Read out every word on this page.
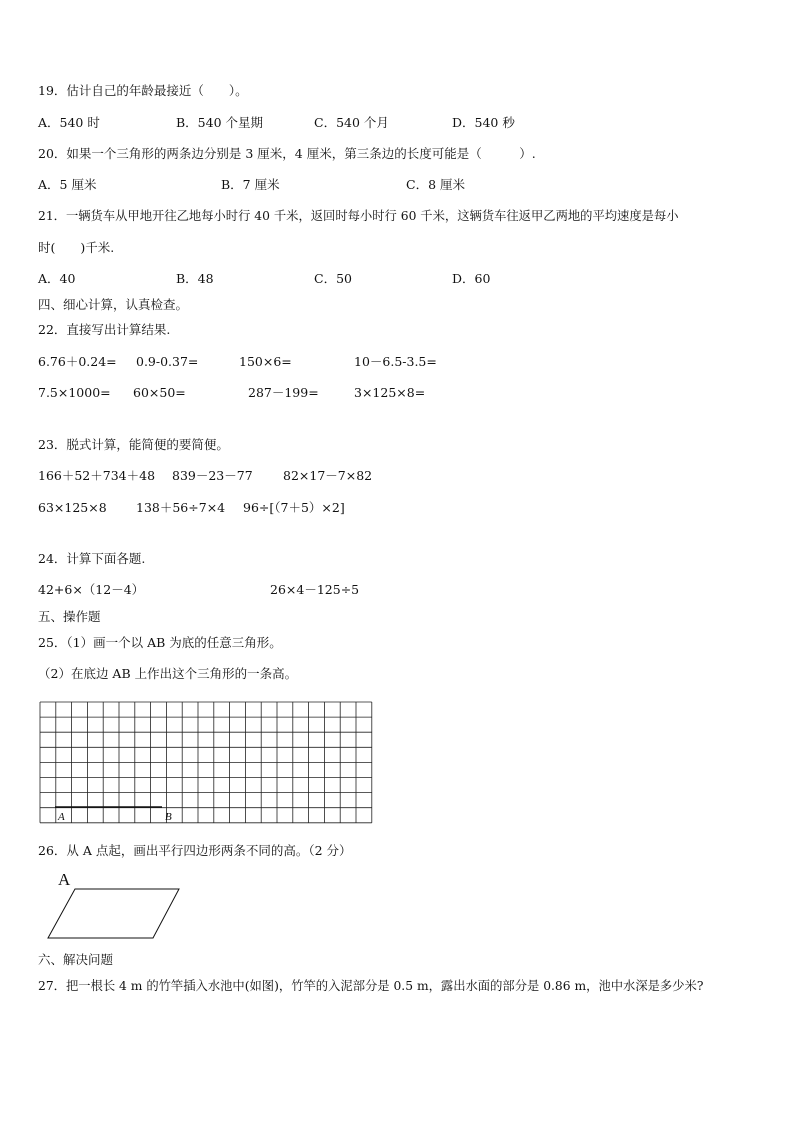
19．估计自己的年龄最接近（　　）。
A．540 时	B．540 个星期	C．540 个月	D．540 秒
20．如果一个三角形的两条边分别是 3 厘米，4 厘米，第三条边的长度可能是（　　　）.
A．5 厘米	B．7 厘米	C．8 厘米
21．一辆货车从甲地开往乙地每小时行 40 千米，返回时每小时行 60 千米，这辆货车往返甲乙两地的平均速度是每小
时(　　)千米.
A．40	B．48	C．50	D．60
四、细心计算，认真检查。
22．直接写出计算结果.
6.76＋0.24= 0.9-0.37=	150×6=	10－6.5-3.5=
7.5×1000= 60×50=	287－199=	3×125×8=
23．脱式计算，能简便的要简便。
166＋52＋734＋48 839－23－77 82×17－7×82
63×125×8 138＋56÷7×4 96÷[（7＋5）×2]
24．计算下面各题.
42+6×（12－4）	26×4－125÷5
五、操作题
25．（1）画一个以 AB 为底的任意三角形。
（2）在底边 AB 上作出这个三角形的一条高。
A	B
26．从 A 点起，画出平行四边形两条不同的高。（2 分）
A
六、解决问题
27．把一根长 4 m 的竹竿插入水池中(如图)，竹竿的入泥部分是 0.5 m，露出水面的部分是 0.86 m，池中水深是多少米?
